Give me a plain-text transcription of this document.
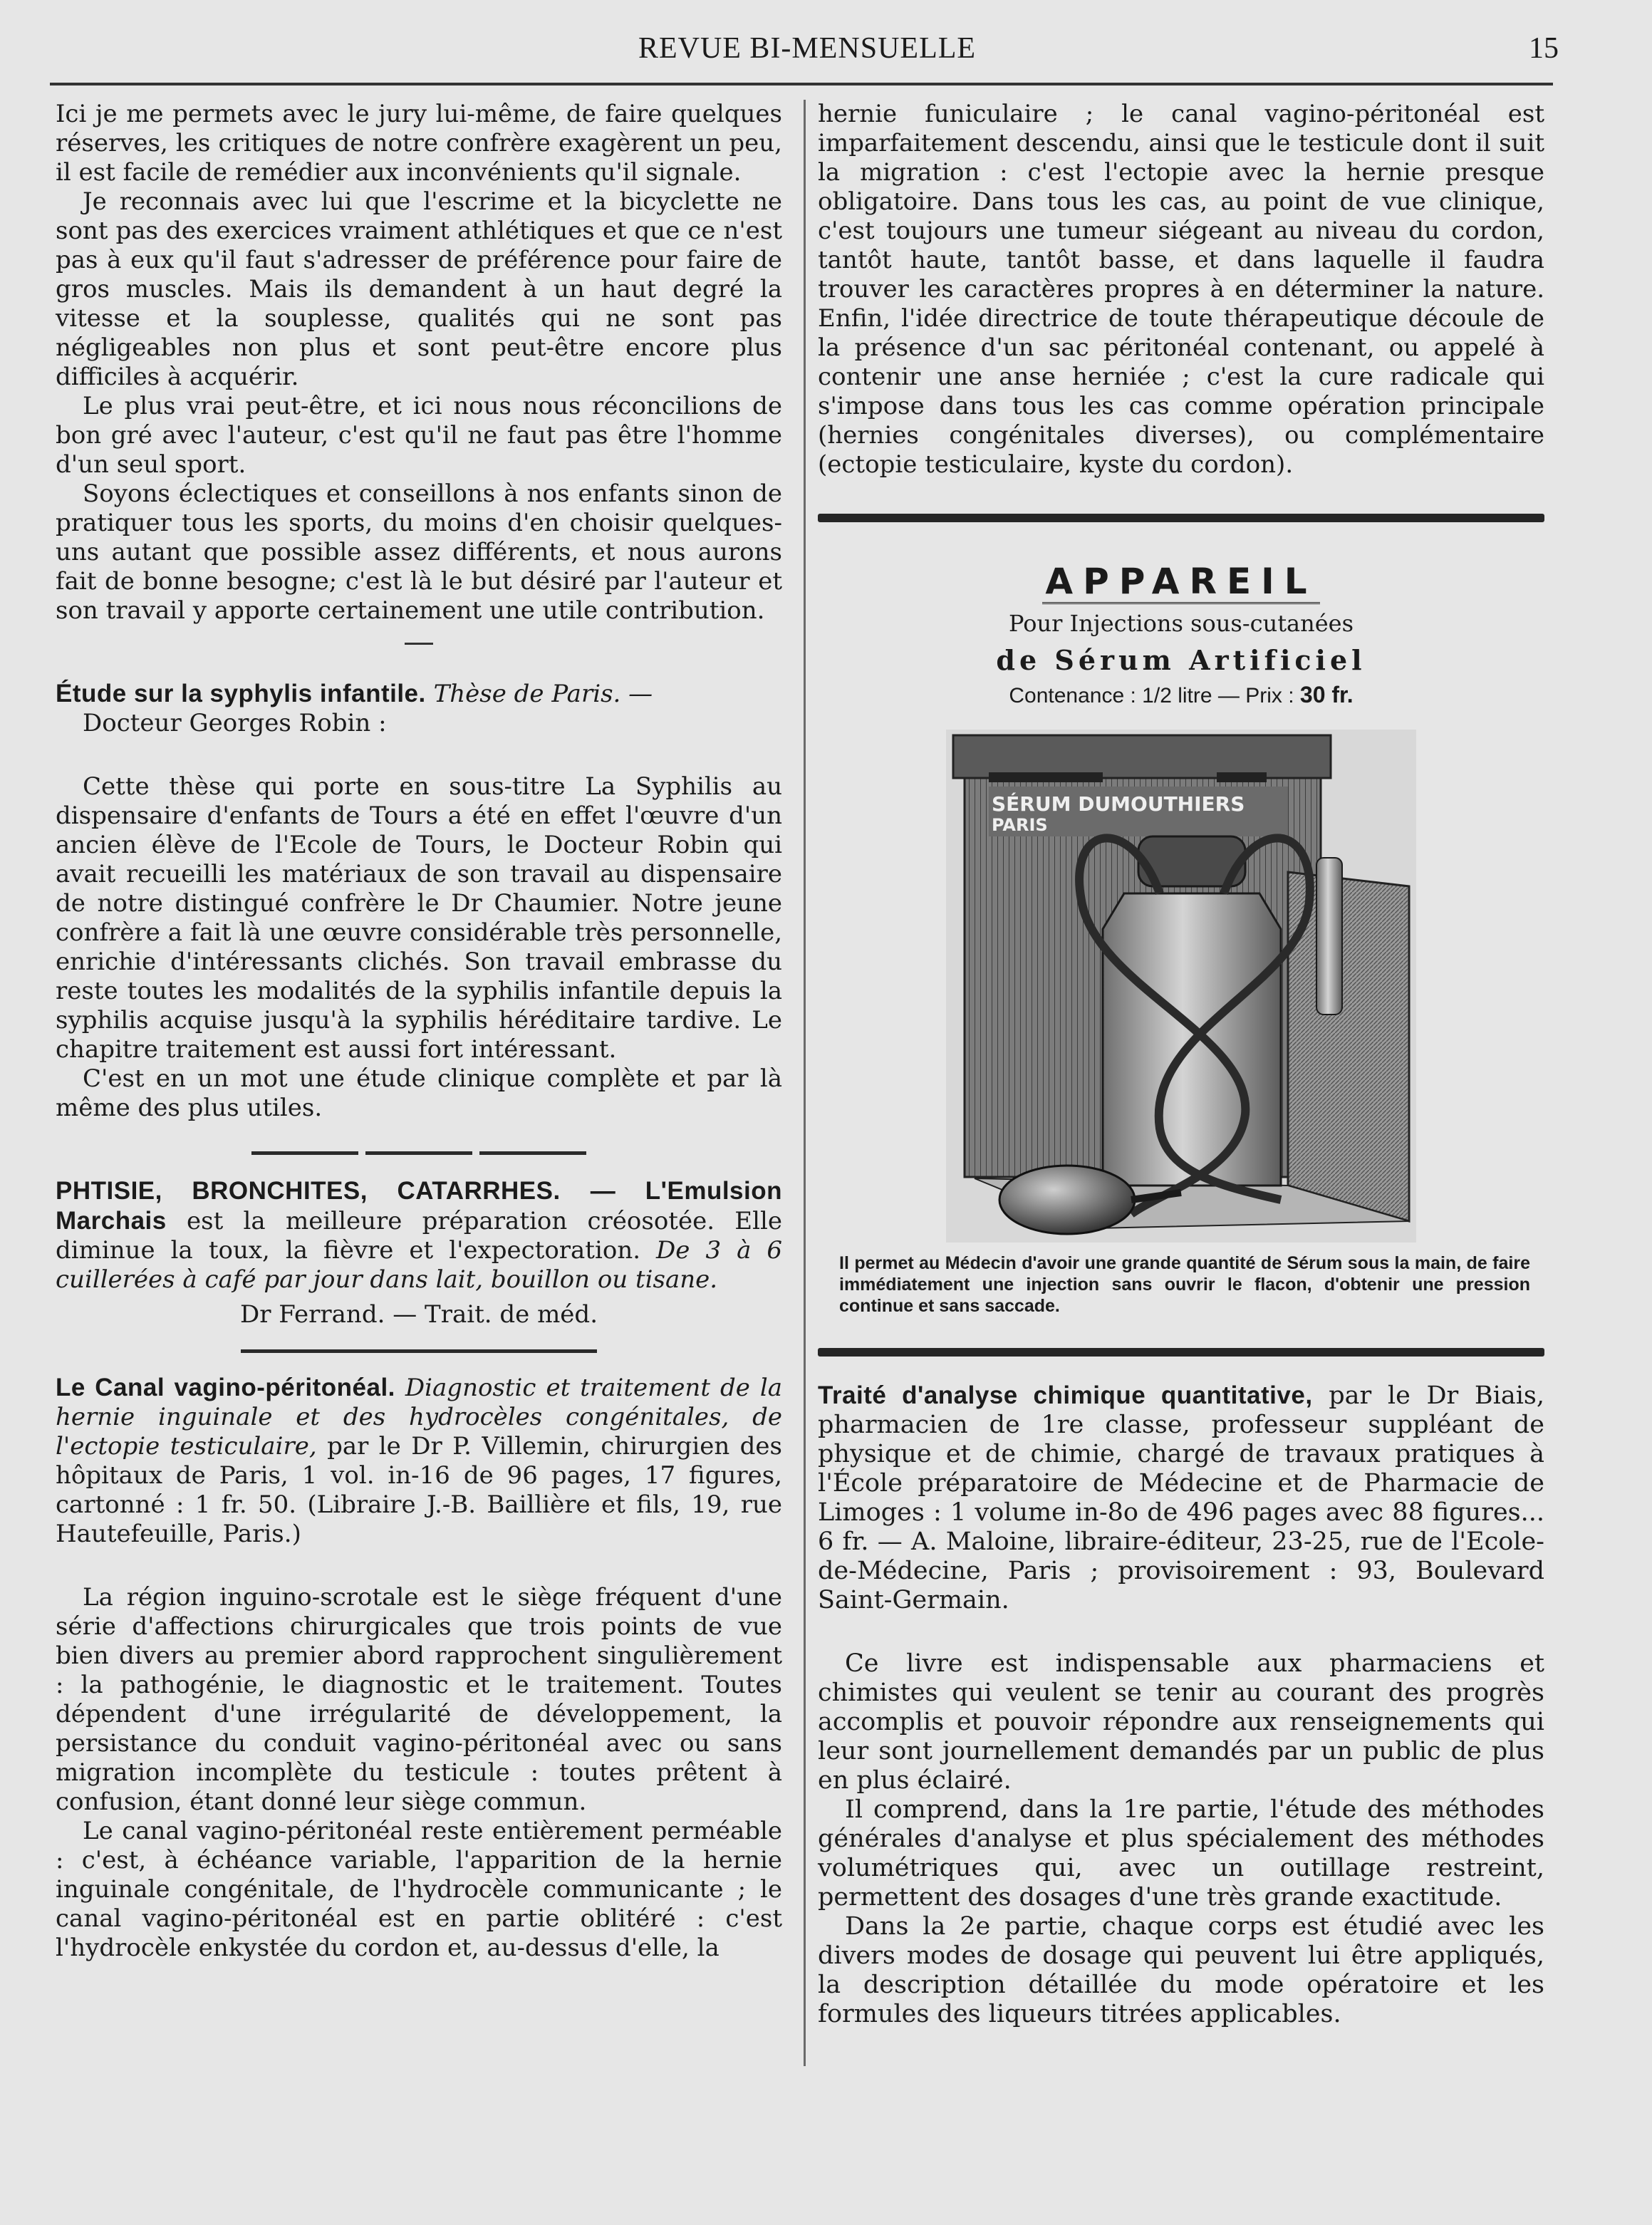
REVUE BI-MENSUELLE	15

Ici je me permets avec le jury lui-même, de faire quelques réserves, les critiques de notre confrère exagèrent un peu, il est facile de remédier aux inconvénients qu'il signale.

Je reconnais avec lui que l'escrime et la bicyclette ne sont pas des exercices vraiment athlétiques et que ce n'est pas à eux qu'il faut s'adresser de préférence pour faire de gros muscles. Mais ils demandent à un haut degré la vitesse et la souplesse, qualités qui ne sont pas négligeables non plus et sont peut-être encore plus difficiles à acquérir.

Le plus vrai peut-être, et ici nous nous réconcilions de bon gré avec l'auteur, c'est qu'il ne faut pas être l'homme d'un seul sport.

Soyons éclectiques et conseillons à nos enfants sinon de pratiquer tous les sports, du moins d'en choisir quelques-uns autant que possible assez différents, et nous aurons fait de bonne besogne; c'est là le but désiré par l'auteur et son travail y apporte certainement une utile contribution.

Étude sur la syphylis infantile. Thèse de Paris. —

Docteur Georges Robin :

Cette thèse qui porte en sous-titre La Syphilis au dispensaire d'enfants de Tours a été en effet l'œuvre d'un ancien élève de l'Ecole de Tours, le Docteur Robin qui avait recueilli les matériaux de son travail au dispensaire de notre distingué confrère le Dr Chaumier. Notre jeune confrère a fait là une œuvre considérable très personnelle, enrichie d'intéressants clichés. Son travail embrasse du reste toutes les modalités de la syphilis infantile depuis la syphilis acquise jusqu'à la syphilis héréditaire tardive. Le chapitre traitement est aussi fort intéressant.

C'est en un mot une étude clinique complète et par là même des plus utiles.

PHTISIE, BRONCHITES, CATARRHES. — L'Emulsion Marchais est la meilleure préparation créosotée. Elle diminue la toux, la fièvre et l'expectoration. De 3 à 6 cuillerées à café par jour dans lait, bouillon ou tisane.

Dr Ferrand. — Trait. de méd.

Le Canal vagino-péritonéal. Diagnostic et traitement de la hernie inguinale et des hydrocèles congénitales, de l'ectopie testiculaire, par le Dr P. Villemin, chirurgien des hôpitaux de Paris, 1 vol. in-16 de 96 pages, 17 figures, cartonné : 1 fr. 50. (Libraire J.-B. Baillière et fils, 19, rue Hautefeuille, Paris.)

La région inguino-scrotale est le siège fréquent d'une série d'affections chirurgicales que trois points de vue bien divers au premier abord rapprochent singulièrement : la pathogénie, le diagnostic et le traitement. Toutes dépendent d'une irrégularité de développement, la persistance du conduit vagino-péritonéal avec ou sans migration incomplète du testicule : toutes prêtent à confusion, étant donné leur siège commun.

Le canal vagino-péritonéal reste entièrement perméable : c'est, à échéance variable, l'apparition de la hernie inguinale congénitale, de l'hydrocèle communicante ; le canal vagino-péritonéal est en partie oblitéré : c'est l'hydrocèle enkystée du cordon et, au-dessus d'elle, la

hernie funiculaire ; le canal vagino-péritonéal est imparfaitement descendu, ainsi que le testicule dont il suit la migration : c'est l'ectopie avec la hernie presque obligatoire. Dans tous les cas, au point de vue clinique, c'est toujours une tumeur siégeant au niveau du cordon, tantôt haute, tantôt basse, et dans laquelle il faudra trouver les caractères propres à en déterminer la nature. Enfin, l'idée directrice de toute thérapeutique découle de la présence d'un sac péritonéal contenant, ou appelé à contenir une anse herniée ; c'est la cure radicale qui s'impose dans tous les cas comme opération principale (hernies congénitales diverses), ou complémentaire (ectopie testiculaire, kyste du cordon).

APPAREIL
Pour Injections sous-cutanées
de Sérum Artificiel
Contenance : 1/2 litre — Prix : 30 fr.
SÉRUM DUMOUTHIERS
PARIS
Il permet au Médecin d'avoir une grande quantité de Sérum sous la main, de faire immédiatement une injection sans ouvrir le flacon, d'obtenir une pression continue et sans saccade.

Traité d'analyse chimique quantitative, par le Dr Biais, pharmacien de 1re classe, professeur suppléant de physique et de chimie, chargé de travaux pratiques à l'École préparatoire de Médecine et de Pharmacie de Limoges : 1 volume in-8o de 496 pages avec 88 figures... 6 fr. — A. Maloine, libraire-éditeur, 23-25, rue de l'Ecole-de-Médecine, Paris ; provisoirement : 93, Boulevard Saint-Germain.

Ce livre est indispensable aux pharmaciens et chimistes qui veulent se tenir au courant des progrès accomplis et pouvoir répondre aux renseignements qui leur sont journellement demandés par un public de plus en plus éclairé.

Il comprend, dans la 1re partie, l'étude des méthodes générales d'analyse et plus spécialement des méthodes volumétriques qui, avec un outillage restreint, permettent des dosages d'une très grande exactitude.

Dans la 2e partie, chaque corps est étudié avec les divers modes de dosage qui peuvent lui être appliqués, la description détaillée du mode opératoire et les formules des liqueurs titrées applicables.
